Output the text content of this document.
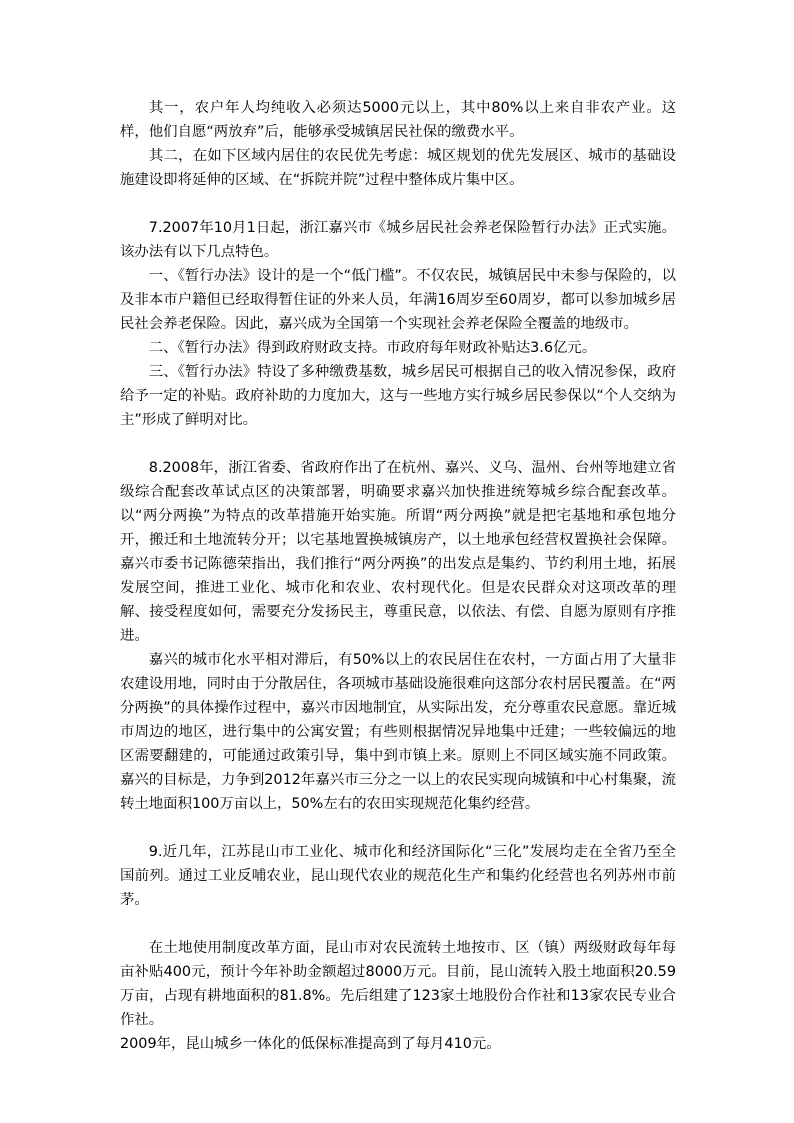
其一，农户年人均纯收入必须达5000元以上，其中80%以上来自非农产业。这样，他们自愿“两放弃”后，能够承受城镇居民社保的缴费水平。

其二，在如下区域内居住的农民优先考虑：城区规划的优先发展区、城市的基础设施建设即将延伸的区域、在“拆院并院”过程中整体成片集中区。

7.2007年10月1日起，浙江嘉兴市《城乡居民社会养老保险暂行办法》正式实施。该办法有以下几点特色。

一、《暂行办法》设计的是一个“低门槛”。不仅农民，城镇居民中未参与保险的，以及非本市户籍但已经取得暂住证的外来人员，年满16周岁至60周岁，都可以参加城乡居民社会养老保险。因此，嘉兴成为全国第一个实现社会养老保险全覆盖的地级市。

二、《暂行办法》得到政府财政支持。市政府每年财政补贴达3.6亿元。

三、《暂行办法》特设了多种缴费基数，城乡居民可根据自己的收入情况参保，政府给予一定的补贴。政府补助的力度加大，这与一些地方实行城乡居民参保以“个人交纳为主”形成了鲜明对比。

8.2008年，浙江省委、省政府作出了在杭州、嘉兴、义乌、温州、台州等地建立省级综合配套改革试点区的决策部署，明确要求嘉兴加快推进统筹城乡综合配套改革。以“两分两换”为特点的改革措施开始实施。所谓“两分两换”就是把宅基地和承包地分开，搬迁和土地流转分开；以宅基地置换城镇房产，以土地承包经营权置换社会保障。嘉兴市委书记陈德荣指出，我们推行“两分两换”的出发点是集约、节约利用土地，拓展发展空间，推进工业化、城市化和农业、农村现代化。但是农民群众对这项改革的理解、接受程度如何，需要充分发扬民主，尊重民意，以依法、有偿、自愿为原则有序推进。

嘉兴的城市化水平相对滞后，有50%以上的农民居住在农村，一方面占用了大量非农建设用地，同时由于分散居住，各项城市基础设施很难向这部分农村居民覆盖。在“两分两换”的具体操作过程中，嘉兴市因地制宜，从实际出发，充分尊重农民意愿。靠近城市周边的地区，进行集中的公寓安置；有些则根据情况异地集中迁建；一些较偏远的地区需要翻建的，可能通过政策引导，集中到市镇上来。原则上不同区域实施不同政策。嘉兴的目标是，力争到2012年嘉兴市三分之一以上的农民实现向城镇和中心村集聚，流转土地面积100万亩以上，50%左右的农田实现规范化集约经营。

9.近几年，江苏昆山市工业化、城市化和经济国际化“三化”发展均走在全省乃至全国前列。通过工业反哺农业，昆山现代农业的规范化生产和集约化经营也名列苏州市前茅。

在土地使用制度改革方面，昆山市对农民流转土地按市、区（镇）两级财政每年每亩补贴400元，预计今年补助金额超过8000万元。目前，昆山流转入股土地面积20.59万亩，占现有耕地面积的81.8%。先后组建了123家土地股份合作社和13家农民专业合作社。

2009年，昆山城乡一体化的低保标准提高到了每月410元。
